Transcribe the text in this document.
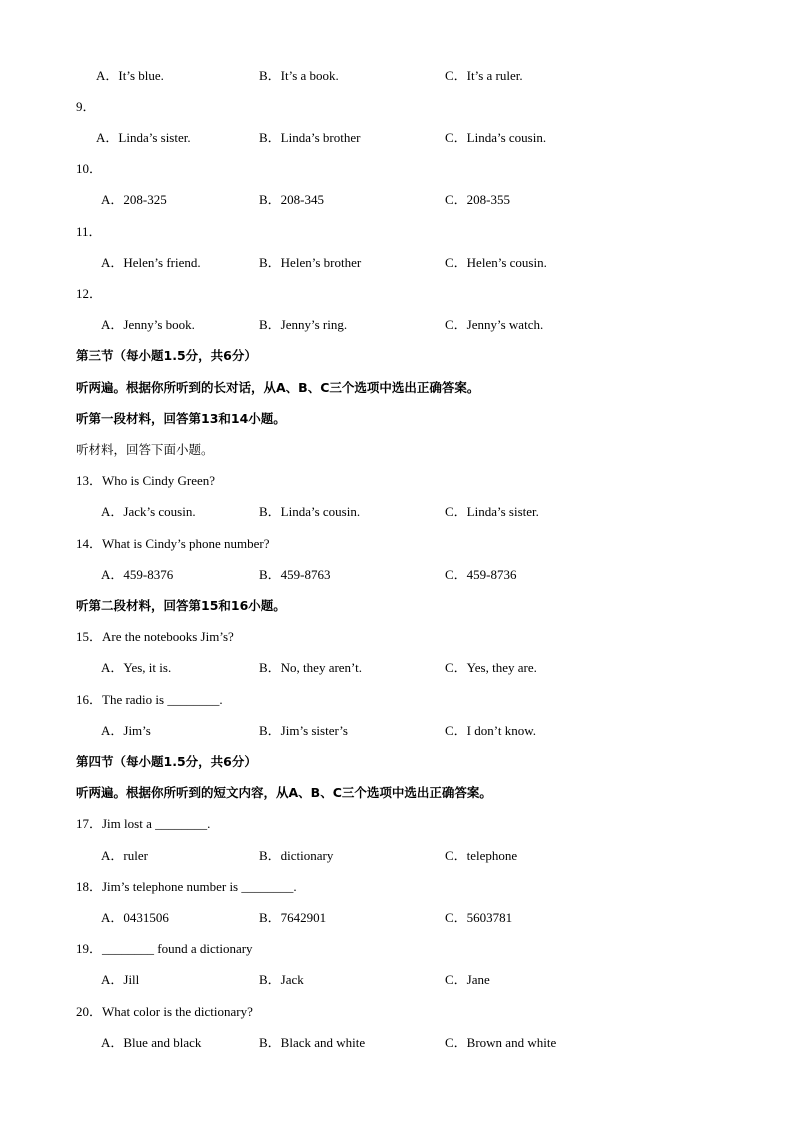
A．It’s blue.	B．It’s a book.	C．It’s a ruler.
9．
A．Linda’s sister.	B．Linda’s brother	C．Linda’s cousin.
10．
A．208-325	B．208-345	C．208-355
11．
A．Helen’s friend.	B．Helen’s brother	C．Helen’s cousin.
12．
A．Jenny’s book.	B．Jenny’s ring.	C．Jenny’s watch.
第三节（每小题1.5分，共6分）
听两遍。根据你所听到的长对话，从A、B、C三个选项中选出正确答案。
听第一段材料，回答第13和14小题。
听材料，回答下面小题。
13．Who is Cindy Green?
A．Jack’s cousin.	B．Linda’s cousin.	C．Linda’s sister.
14．What is Cindy’s phone number?
A．459-8376	B．459-8763	C．459-8736
听第二段材料，回答第15和16小题。
15．Are the notebooks Jim’s?
A．Yes, it is.	B．No, they aren’t.	C．Yes, they are.
16．The radio is ________.
A．Jim’s	B．Jim’s sister’s	C．I don’t know.
第四节（每小题1.5分，共6分）
听两遍。根据你所听到的短文内容，从A、B、C三个选项中选出正确答案。
17．Jim lost a ________.
A．ruler	B．dictionary	C．telephone
18．Jim’s telephone number is ________.
A．0431506	B．7642901	C．5603781
19．________ found a dictionary
A．Jill	B．Jack	C．Jane
20．What color is the dictionary?
A．Blue and black	B．Black and white	C．Brown and white
